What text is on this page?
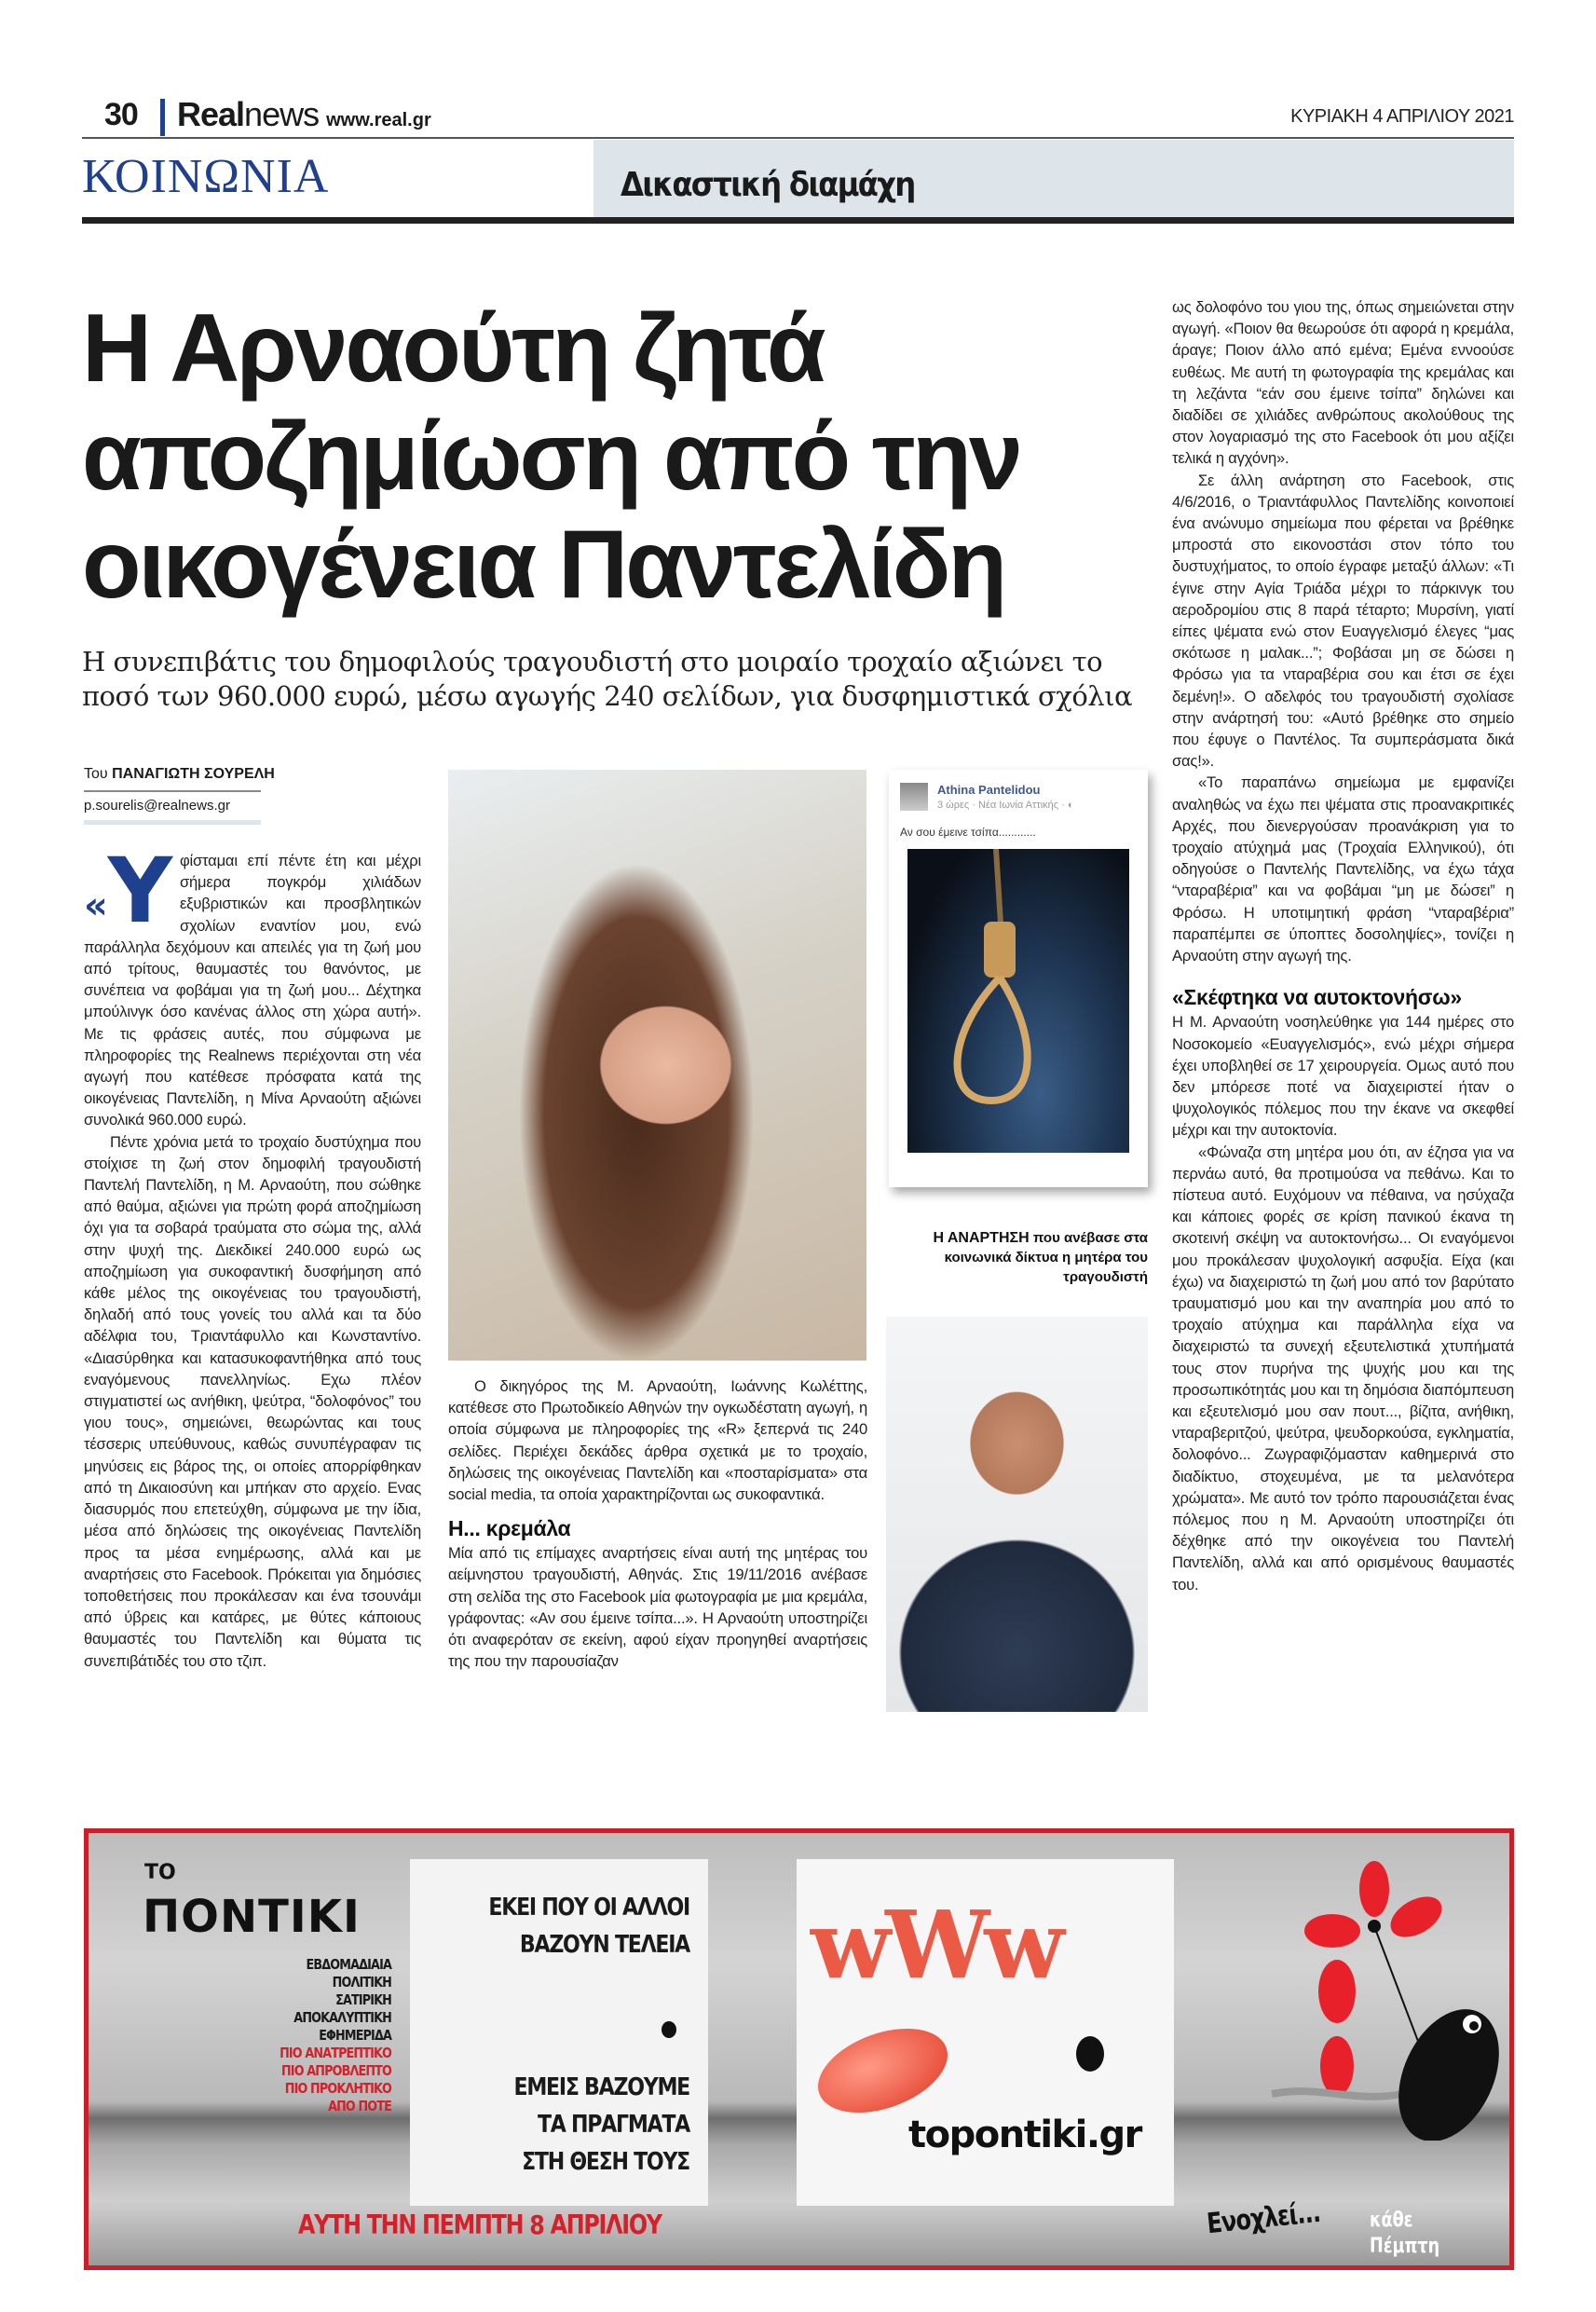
30 Realnews www.real.gr	ΚΥΡΙΑΚΗ 4 ΑΠΡΙΛΙΟΥ 2021
ΚΟΙΝΩΝΙΑ	Δικαστική διαμάχη
Η Αρναούτη ζητά αποζημίωση από την οικογένεια Παντελίδη
Η συνεπιβάτις του δημοφιλούς τραγουδιστή στο μοιραίο τροχαίο αξιώνει το ποσό των 960.000 ευρώ, μέσω αγωγής 240 σελίδων, για δυσφημιστικά σχόλια
Του ΠΑΝΑΓΙΩΤΗ ΣΟΥΡΕΛΗ
p.sourelis@realnews.gr
« Υ φίσταμαι επί πέντε έτη και μέχρι σήμερα πογκρόμ χιλιάδων εξυβριστικών και προσβλητικών σχολίων εναντίον μου, ενώ παράλληλα δεχόμουν και απειλές για τη ζωή μου από τρίτους, θαυμαστές του θανόντος, με συνέπεια να φοβάμαι για τη ζωή μου... Δέχτηκα μπούλινγκ όσο κανένας άλλος στη χώρα αυτή». Με τις φράσεις αυτές, που σύμφωνα με πληροφορίες της Realnews περιέχονται στη νέα αγωγή που κατέθεσε πρόσφατα κατά της οικογένειας Παντελίδη, η Μίνα Αρναούτη αξιώνει συνολικά 960.000 ευρώ.

Πέντε χρόνια μετά το τροχαίο δυστύχημα που στοίχισε τη ζωή στον δημοφιλή τραγουδιστή Παντελή Παντελίδη, η Μ. Αρναούτη, που σώθηκε από θαύμα, αξιώνει για πρώτη φορά αποζημίωση όχι για τα σοβαρά τραύματα στο σώμα της, αλλά στην ψυχή της. Διεκδικεί 240.000 ευρώ ως αποζημίωση για συκοφαντική δυσφήμηση από κάθε μέλος της οικογένειας του τραγουδιστή, δηλαδή από τους γονείς του αλλά και τα δύο αδέλφια του, Τριαντάφυλλο και Κωνσταντίνο. «Διασύρθηκα και κατασυκοφαντήθηκα από τους εναγόμενους πανελληνίως. Εχω πλέον στιγματιστεί ως ανήθικη, ψεύτρα, “δολοφόνος” του γιου τους», σημειώνει, θεωρώντας και τους τέσσερις υπεύθυνους, καθώς συνυπέγραφαν τις μηνύσεις εις βάρος της, οι οποίες απορρίφθηκαν από τη Δικαιοσύνη και μπήκαν στο αρχείο. Ενας διασυρμός που επετεύχθη, σύμφωνα με την ίδια, μέσα από δηλώσεις της οικογένειας Παντελίδη προς τα μέσα ενημέρωσης, αλλά και με αναρτήσεις στο Facebook. Πρόκειται για δημόσιες τοποθετήσεις που προκάλεσαν και ένα τσουνάμι από ύβρεις και κατάρες, με θύτες κάποιους θαυμαστές του Παντελίδη και θύματα τις συνεπιβάτιδές του στο τζιπ.

Athina Pantelidou
3 ώρες · Νέα Ιωνία Αττικής · ◐
Αν σου έμεινε τσίπα............
Η ΑΝΑΡΤΗΣΗ που ανέβασε στα κοινωνικά δίκτυα η μητέρα του τραγουδιστή

Ο δικηγόρος της Μ. Αρναούτη, Ιωάννης Κωλέττης, κατέθεσε στο Πρωτοδικείο Αθηνών την ογκωδέστατη αγωγή, η οποία σύμφωνα με πληροφορίες της «R» ξεπερνά τις 240 σελίδες. Περιέχει δεκάδες άρθρα σχετικά με το τροχαίο, δηλώσεις της οικογένειας Παντελίδη και «ποσταρίσματα» στα social media, τα οποία χαρακτηρίζονται ως συκοφαντικά.

Η... κρεμάλα

Μία από τις επίμαχες αναρτήσεις είναι αυτή της μητέρας του αείμνηστου τραγουδιστή, Αθηνάς. Στις 19/11/2016 ανέβασε στη σελίδα της στο Facebook μία φωτογραφία με μια κρεμάλα, γράφοντας: «Αν σου έμεινε τσίπα...». Η Αρναούτη υποστηρίζει ότι αναφερόταν σε εκείνη, αφού είχαν προηγηθεί αναρτήσεις της που την παρουσίαζαν

ως δολοφόνο του γιου της, όπως σημειώνεται στην αγωγή. «Ποιον θα θεωρούσε ότι αφορά η κρεμάλα, άραγε; Ποιον άλλο από εμένα; Εμένα εννοούσε ευθέως. Με αυτή τη φωτογραφία της κρεμάλας και τη λεζάντα “εάν σου έμεινε τσίπα” δηλώνει και διαδίδει σε χιλιάδες ανθρώπους ακολούθους της στον λογαριασμό της στο Facebook ότι μου αξίζει τελικά η αγχόνη».

Σε άλλη ανάρτηση στο Facebook, στις 4/6/2016, ο Τριαντάφυλλος Παντελίδης κοινοποιεί ένα ανώνυμο σημείωμα που φέρεται να βρέθηκε μπροστά στο εικονοστάσι στον τόπο του δυστυχήματος, το οποίο έγραφε μεταξύ άλλων: «Τι έγινε στην Αγία Τριάδα μέχρι το πάρκινγκ του αεροδρομίου στις 8 παρά τέταρτο; Μυρσίνη, γιατί είπες ψέματα ενώ στον Ευαγγελισμό έλεγες “μας σκότωσε η μαλακ...”; Φοβάσαι μη σε δώσει η Φρόσω για τα νταραβέρια σου και έτσι σε έχει δεμένη!». Ο αδελφός του τραγουδιστή σχολίασε στην ανάρτησή του: «Αυτό βρέθηκε στο σημείο που έφυγε ο Παντέλος. Τα συμπεράσματα δικά σας!».

«Το παραπάνω σημείωμα με εμφανίζει αναληθώς να έχω πει ψέματα στις προανακριτικές Αρχές, που διενεργούσαν προανάκριση για το τροχαίο ατύχημά μας (Τροχαία Ελληνικού), ότι οδηγούσε ο Παντελής Παντελίδης, να έχω τάχα “νταραβέρια” και να φοβάμαι “μη με δώσει” η Φρόσω. Η υποτιμητική φράση “νταραβέρια” παραπέμπει σε ύποπτες δοσοληψίες», τονίζει η Αρναούτη στην αγωγή της.

«Σκέφτηκα να αυτοκτονήσω»

Η Μ. Αρναούτη νοσηλεύθηκε για 144 ημέρες στο Νοσοκομείο «Ευαγγελισμός», ενώ μέχρι σήμερα έχει υποβληθεί σε 17 χειρουργεία. Ομως αυτό που δεν μπόρεσε ποτέ να διαχειριστεί ήταν ο ψυχολογικός πόλεμος που την έκανε να σκεφθεί μέχρι και την αυτοκτονία.

«Φώναζα στη μητέρα μου ότι, αν έζησα για να περνάω αυτό, θα προτιμούσα να πεθάνω. Και το πίστευα αυτό. Ευχόμουν να πέθαινα, να ησύχαζα και κάποιες φορές σε κρίση πανικού έκανα τη σκοτεινή σκέψη να αυτοκτονήσω... Οι εναγόμενοι μου προκάλεσαν ψυχολογική ασφυξία. Είχα (και έχω) να διαχειριστώ τη ζωή μου από τον βαρύτατο τραυματισμό μου και την αναπηρία μου από το τροχαίο ατύχημα και παράλληλα είχα να διαχειριστώ τα συνεχή εξευτελιστικά χτυπήματά τους στον πυρήνα της ψυχής μου και της προσωπικότητάς μου και τη δημόσια διαπόμπευση και εξευτελισμό μου σαν πουτ..., βίζιτα, ανήθικη, νταραβεριτζού, ψεύτρα, ψευδορκούσα, εγκληματία, δολοφόνο... Ζωγραφιζόμασταν καθημερινά στο διαδίκτυο, στοχευμένα, με τα μελανότερα χρώματα». Με αυτό τον τρόπο παρουσιάζεται ένας πόλεμος που η Μ. Αρναούτη υποστηρίζει ότι δέχθηκε από την οικογένεια του Παντελή Παντελίδη, αλλά και από ορισμένους θαυμαστές του.

ΤΟ
ΠΟΝΤΙΚΙ
ΕΒΔΟΜΑΔΙΑΙΑ
ΠΟΛΙΤΙΚΗ
ΣΑΤΙΡΙΚΗ
ΑΠΟΚΑΛΥΠΤΙΚΗ
ΕΦΗΜΕΡΙΔΑ
ΠΙΟ ΑΝΑΤΡΕΠΤΙΚΟ
ΠΙΟ ΑΠΡΟΒΛΕΠΤΟ
ΠΙΟ ΠΡΟΚΛΗΤΙΚΟ
ΑΠΟ ΠΟΤΕ
ΕΚΕΙ ΠΟΥ ΟΙ ΑΛΛΟΙ
ΒΑΖΟΥΝ ΤΕΛΕΙΑ
ΕΜΕΙΣ ΒΑΖΟΥΜΕ
ΤΑ ΠΡΑΓΜΑΤΑ
ΣΤΗ ΘΕΣΗ ΤΟΥΣ
ΑΥΤΗ ΤΗΝ ΠΕΜΠΤΗ 8 ΑΠΡΙΛΙΟΥ
wWw
topontiki.gr
Ενοχλεί... κάθε Πέμπτη
